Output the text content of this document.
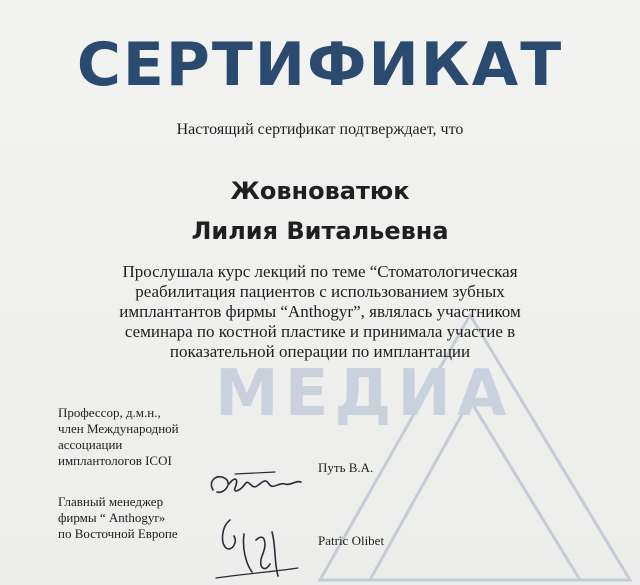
МЕДИА
СЕРТИФИКАТ
Настоящий сертификат подтверждает, что
Жовноватюк
Лилия Витальевна
Прослушала курс лекций по теме “Стоматологическая
реабилитация пациентов с использованием зубных
имплантантов фирмы “Anthogyr”, являлась участником
семинара по костной пластике и принимала участие в
показательной операции по имплантации
Профессор, д.м.н.,
член Международной
ассоциации
имплантологов ICOI	Путь В.А.
Главный менеджер
фирмы “ Anthogyr»
по Восточной Европе	Patric Olibet
